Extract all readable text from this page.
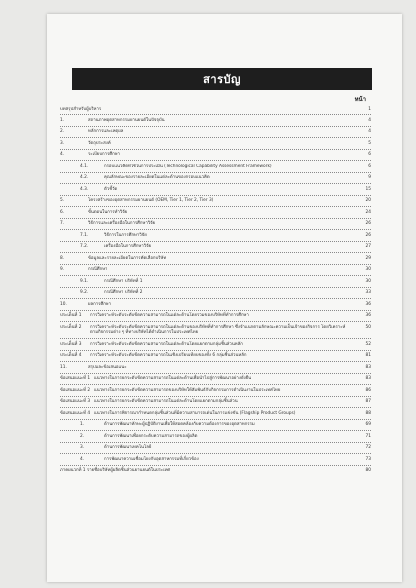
สารบัญ
หน้า
บทสรุปสำหรับผู้บริหาร	1
1.	สถานภาพอุตสาหกรรมยานยนต์ในปัจจุบัน	4
2.	หลักการและเหตุผล	4
3.	วัตถุประสงค์	5
4.	ระเบียบการศึกษา	6
4.1.	กรอบแนวคิดที่ใช้ในการประเมิน (Technological Capability Assessment Framework)	6
4.2.	คุณลักษณะของรายละเอียดในแต่ละด้านของกรอบแนวคิด	9
4.3.	ตัวชี้วัด	15
5.	โครงสร้างของอุตสาหกรรมยานยนต์ (OEM, Tier 1, Tier 2, Tier 3)	20
6.	ขั้นตอนในการทำวิจัย	24
7.	วิธีการและเครื่องมือในการศึกษาวิจัย	26
7.1.	วิธีการในการศึกษาวิจัย	26
7.2.	เครื่องมือในการศึกษาวิจัย	27
8.	ข้อมูลและรายละเอียดในการคัดเลือกบริษัท	29
9.	กรณีศึกษา	30
9.1.	กรณีศึกษา บริษัทที่ 1	30
9.2.	กรณีศึกษา บริษัทที่ 2	33
10.	ผลการศึกษา	36
ประเด็นที่ 1	การวิเคราะห์ระดับระดับขีดความสามารถในแต่ละด้านโดยรวมของบริษัทที่ทำการศึกษา	36
ประเด็นที่ 2	การวิเคราะห์ระดับระดับขีดความสามารถในแต่ละด้านของบริษัทที่ทำการศึกษา ซึ่งจำแนกตามลักษณะความเป็นเจ้าของกิจการ โดยวิเคราะห์ตามกิจกรรมต่าง ๆ ที่ทางบริษัทได้ดำเนินการในประเทศไทย
50
ประเด็นที่ 3	การวิเคราะห์ระดับระดับขีดความสามารถในแต่ละด้านโดยแยกตามกลุ่มชิ้นส่วนหลัก	52
ประเด็นที่ 4	การวิเคราะห์ระดับระดับขีดความสามารถในเชิงเปรียบเทียบของทั้ง 6 กลุ่มชิ้นส่วนหลัก	81
11.	สรุปและข้อเสนอแนะ	83
ข้อเสนอแนะที่ 1 แนวทางในการยกระดับขีดความสามารถในแต่ละด้านเพื่อนำไปสู่การพัฒนาอย่างยั่งยืน	83
ข้อเสนอแนะที่ 2 แนวทางในการยกระดับขีดความสามารถของบริษัทให้สัมพันธ์กับกิจกรรมการดำเนินงานในประเทศไทย	86
ข้อเสนอแนะที่ 3 แนวทางในการยกระดับขีดความสามารถในแต่ละด้านโดยแยกตามกลุ่มชิ้นส่วน	87
ข้อเสนอแนะที่ 4 แนวทางในการพิจารณากำหนดกลุ่มชิ้นส่วนที่มีความสามารถเด่นในการแข่งขัน (Flagship Product Groups)	88
1.	ด้านการพัฒนาทักษะผู้ปฏิบัติงานเพื่อให้สอดคล้องกับความต้องการของอุตสาหกรรม	69
2.	ด้านการพัฒนาเพื่อยกระดับความสามารถของผู้ผลิต	71
3.	ด้านการพัฒนาเทคโนโลยี	72
4.	การพัฒนาความเชื่อมโยงกับอุตสาหกรรมที่เกี่ยวข้อง	73
ภาคผนวกที่ 1 รายชื่อบริษัทผู้ผลิตชิ้นส่วนยานยนต์ในประเทศ	80
